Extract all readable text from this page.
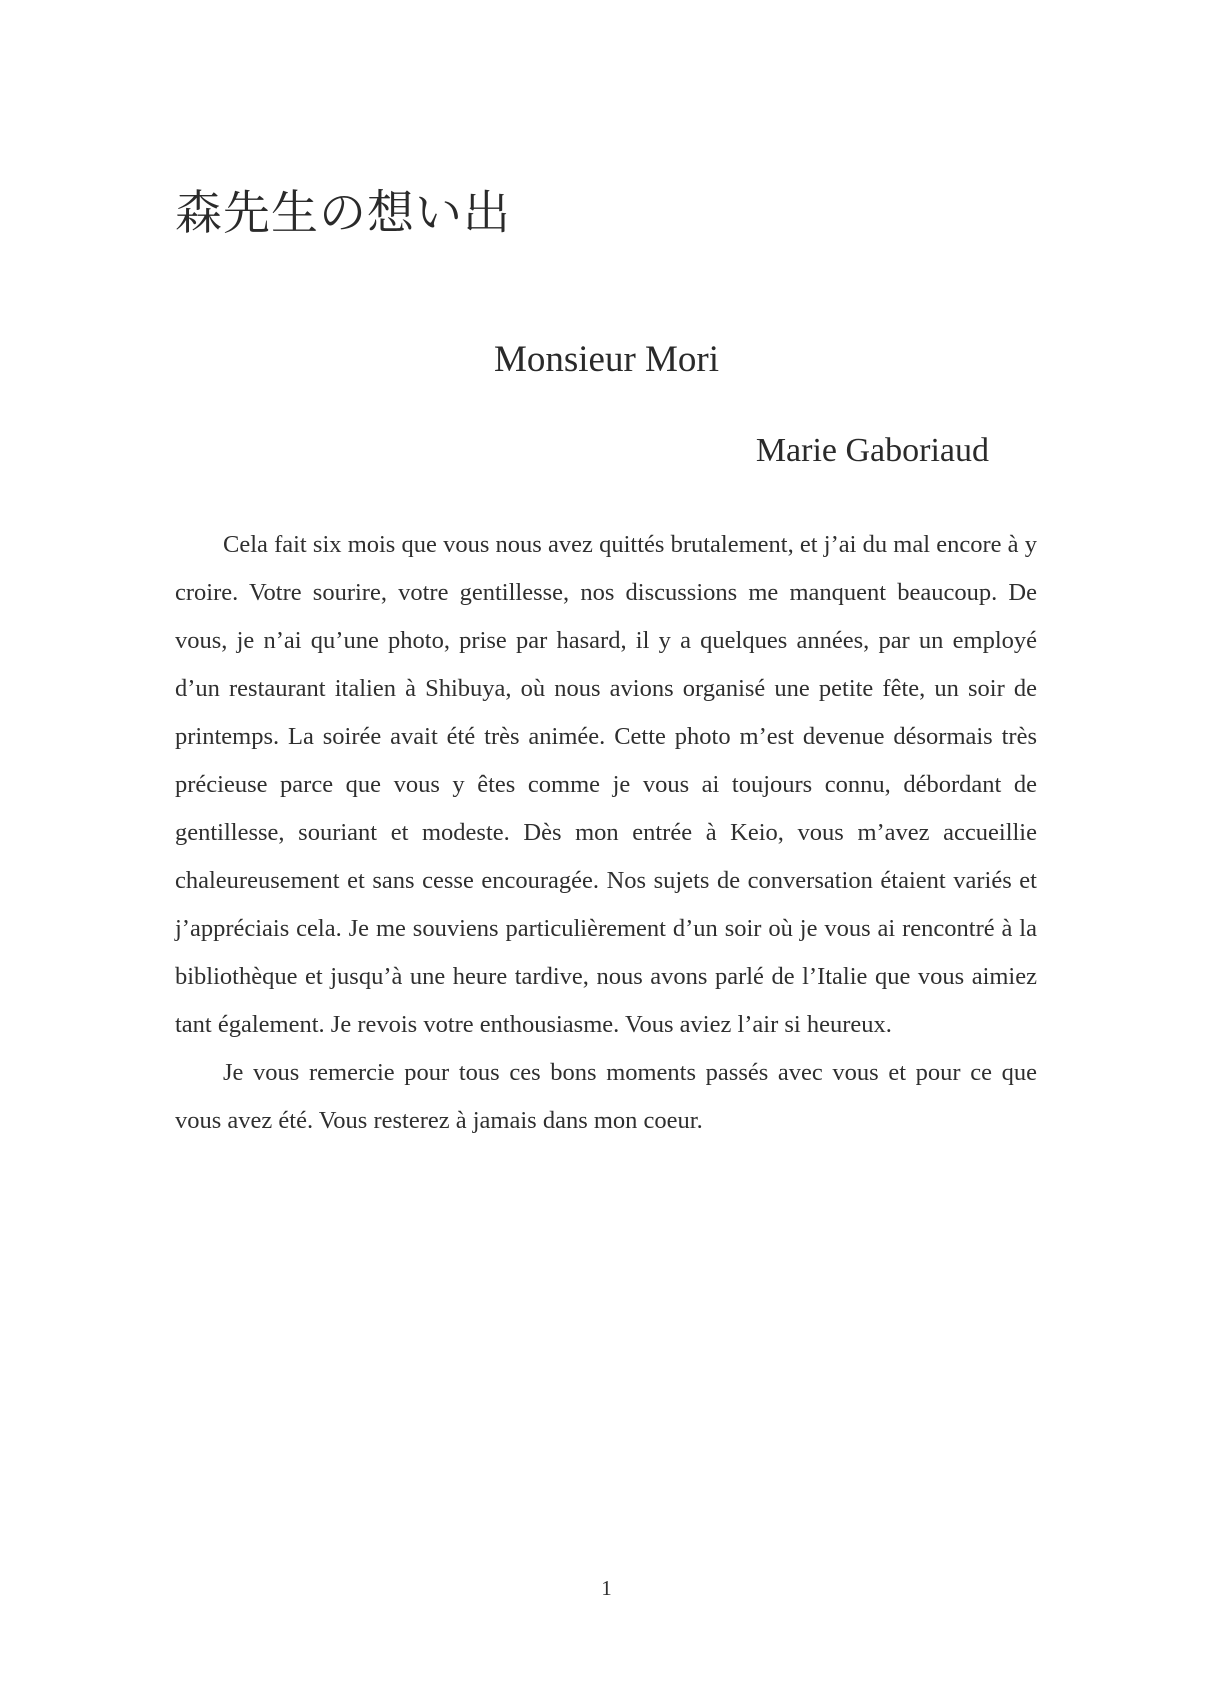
森先生の想い出
Monsieur Mori
Marie Gaboriaud

Cela fait six mois que vous nous avez quittés brutalement, et j’ai du mal encore à y croire. Votre sourire, votre gentillesse, nos discussions me manquent beaucoup. De vous, je n’ai qu’une photo, prise par hasard, il y a quelques années, par un employé d’un restaurant italien à Shibuya, où nous avions organisé une petite fête, un soir de printemps. La soirée avait été très animée. Cette photo m’est devenue désormais très précieuse parce que vous y êtes comme je vous ai toujours connu, débordant de gentillesse, souriant et modeste. Dès mon entrée à Keio, vous m’avez accueillie chaleureusement et sans cesse encouragée. Nos sujets de conversation étaient variés et j’appréciais cela. Je me souviens particulièrement d’un soir où je vous ai rencontré à la bibliothèque et jusqu’à une heure tardive, nous avons parlé de l’Italie que vous aimiez tant également. Je revois votre enthousiasme. Vous aviez l’air si heureux.

Je vous remercie pour tous ces bons moments passés avec vous et pour ce que vous avez été. Vous resterez à jamais dans mon coeur.

1
